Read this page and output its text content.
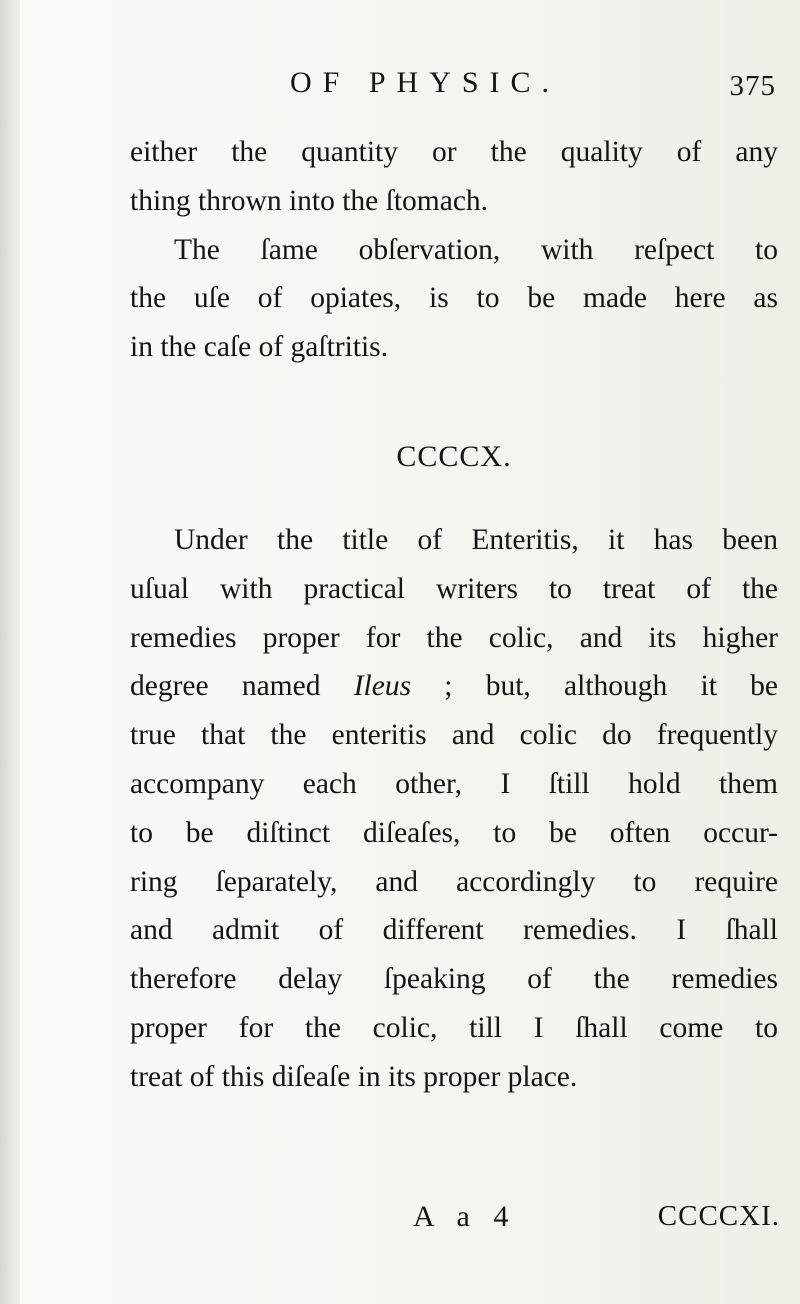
OF PHYSIC.	375
either the quantity or the quality of any
thing thrown into the ſtomach.
The ſame obſervation, with reſpect to
the uſe of opiates, is to be made here as
in the caſe of gaſtritis.
CCCCX.
Under the title of Enteritis, it has been
uſual with practical writers to treat of the
remedies proper for the colic, and its higher
degree named Ileus ; but, although it be
true that the enteritis and colic do frequently
accompany each other, I ſtill hold them
to be diſtinct diſeaſes, to be often occur-
ring ſeparately, and accordingly to require
and admit of different remedies. I ſhall
therefore delay ſpeaking of the remedies
proper for the colic, till I ſhall come to
treat of this diſeaſe in its proper place.
A a 4	CCCCXI.
